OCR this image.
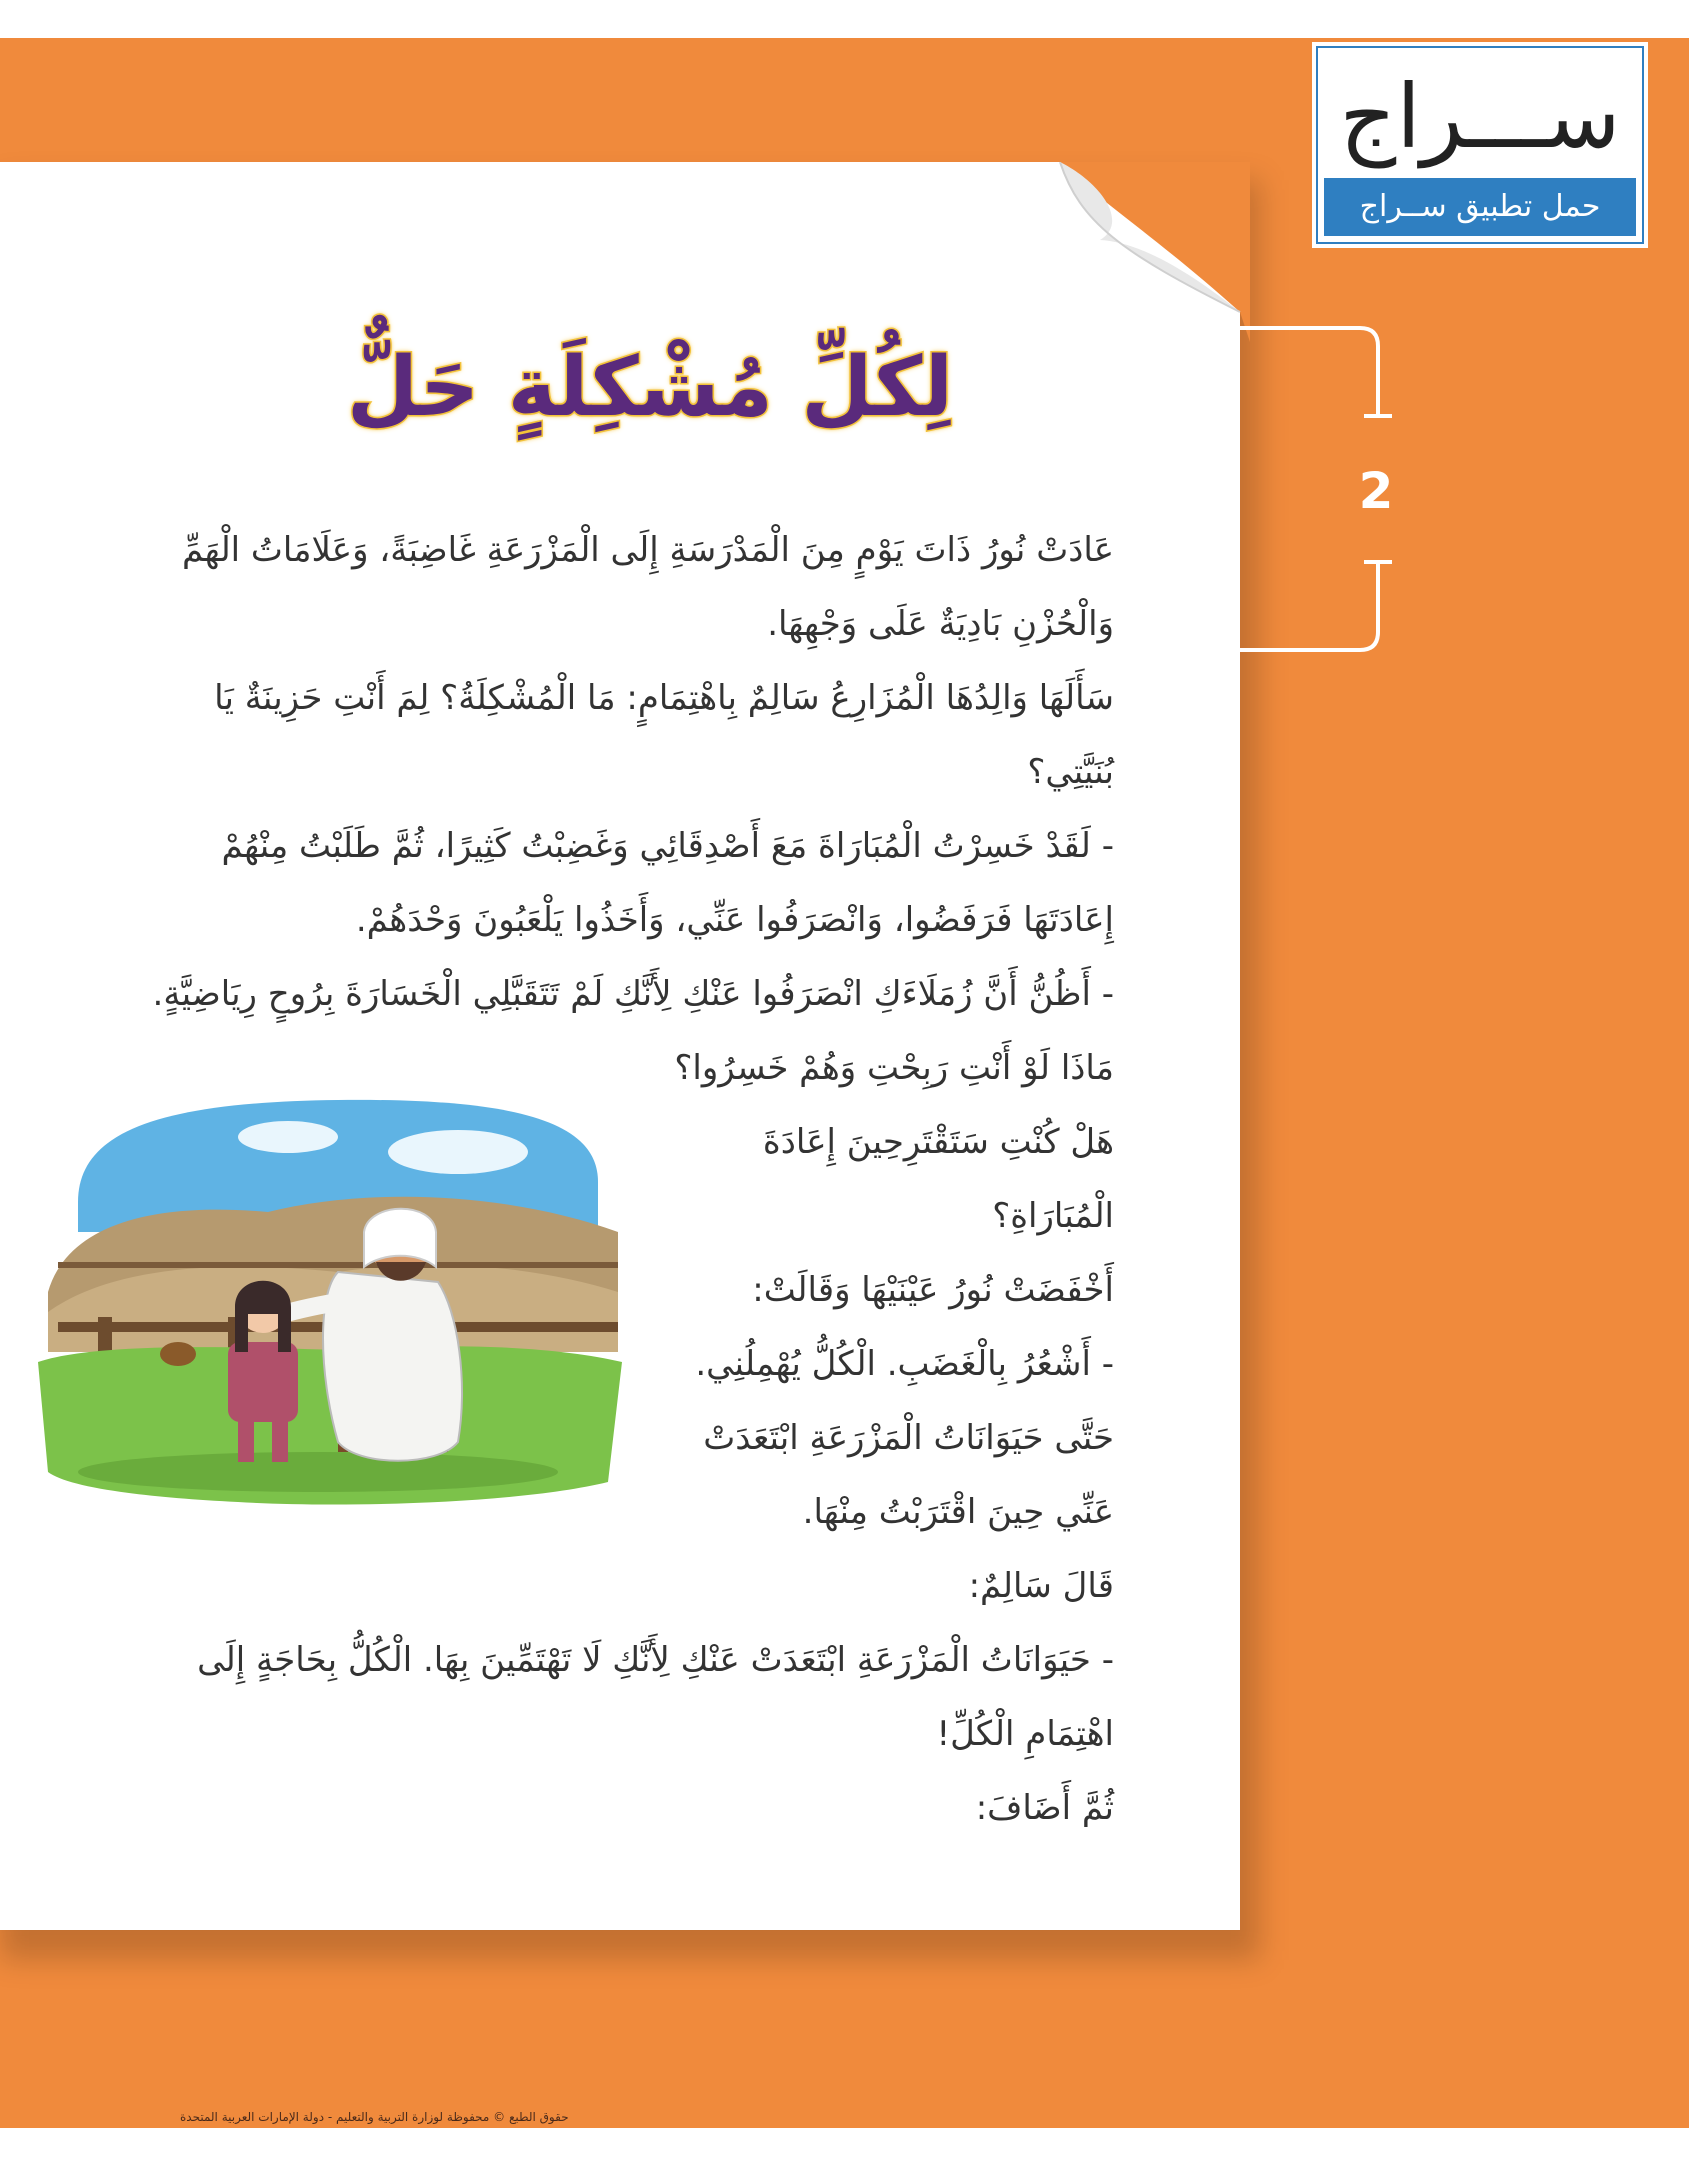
ســـراج
حمل تطبيق ســراج
2
لِكُلِّ مُشْكِلَةٍ حَلٌّ
عَادَتْ نُورُ ذَاتَ يَوْمٍ مِنَ الْمَدْرَسَةِ إِلَى الْمَزْرَعَةِ غَاضِبَةً، وَعَلَامَاتُ الْهَمِّ
وَالْحُزْنِ بَادِيَةٌ عَلَى وَجْهِهَا.
سَأَلَهَا وَالِدُهَا الْمُزَارِعُ سَالِمٌ بِاهْتِمَامٍ: مَا الْمُشْكِلَةُ؟ لِمَ أَنْتِ حَزِينَةٌ يَا
بُنَيَّتِي؟
- لَقَدْ خَسِرْتُ الْمُبَارَاةَ مَعَ أَصْدِقَائِي وَغَضِبْتُ كَثِيرًا، ثُمَّ طَلَبْتُ مِنْهُمْ
إِعَادَتَهَا فَرَفَضُوا، وَانْصَرَفُوا عَنِّي، وَأَخَذُوا يَلْعَبُونَ وَحْدَهُمْ.
- أَظُنُّ أَنَّ زُمَلَاءَكِ انْصَرَفُوا عَنْكِ لِأَنَّكِ لَمْ تَتَقَبَّلِي الْخَسَارَةَ بِرُوحٍ رِيَاضِيَّةٍ.
مَاذَا لَوْ أَنْتِ رَبِحْتِ وَهُمْ خَسِرُوا؟
هَلْ كُنْتِ سَتَقْتَرِحِينَ إِعَادَةَ
الْمُبَارَاةِ؟
أَخْفَضَتْ نُورُ عَيْنَيْهَا وَقَالَتْ:
- أَشْعُرُ بِالْغَضَبِ. الْكُلُّ يُهْمِلُنِي.
حَتَّى حَيَوَانَاتُ الْمَزْرَعَةِ ابْتَعَدَتْ
عَنِّي حِينَ اقْتَرَبْتُ مِنْهَا.
قَالَ سَالِمٌ:
- حَيَوَانَاتُ الْمَزْرَعَةِ ابْتَعَدَتْ عَنْكِ لِأَنَّكِ لَا تَهْتَمِّينَ بِهَا. الْكُلُّ بِحَاجَةٍ إِلَى
اهْتِمَامِ الْكُلِّ!
ثُمَّ أَضَافَ:
حقوق الطبع © محفوظة لوزارة التربية والتعليم - دولة الإمارات العربية المتحدة
